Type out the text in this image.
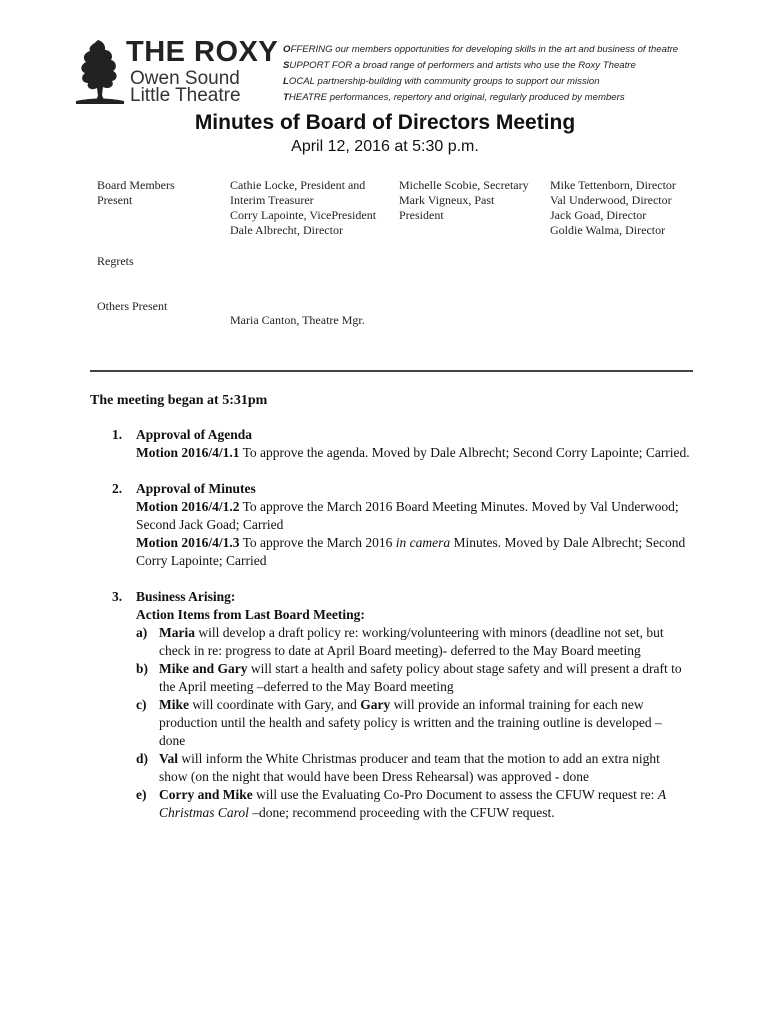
THE ROXY
Owen Sound
Little Theatre
OFFERING our members opportunities for developing skills in the art and business of theatre
SUPPORT FOR a broad range of performers and artists who use the Roxy Theatre
LOCAL partnership-building with community groups to support our mission
THEATRE performances, repertory and original, regularly produced by members
Minutes of Board of Directors Meeting
April 12, 2016 at 5:30 p.m.
Board Members
Present
Cathie Locke, President and
Interim Treasurer
Corry Lapointe, VicePresident
Dale Albrecht, Director
Michelle Scobie, Secretary
Mark Vigneux, Past
President
Mike Tettenborn, Director
Val Underwood, Director
Jack Goad, Director
Goldie Walma, Director
Regrets
Others Present
Maria Canton, Theatre Mgr.
The meeting began at 5:31pm
1. Approval of Agenda
Motion 2016/4/1.1 To approve the agenda. Moved by Dale Albrecht; Second Corry Lapointe; Carried.
2. Approval of Minutes
Motion 2016/4/1.2 To approve the March 2016 Board Meeting Minutes. Moved by Val Underwood; Second Jack Goad; Carried
Motion 2016/4/1.3 To approve the March 2016 in camera Minutes. Moved by Dale Albrecht; Second Corry Lapointe; Carried
3. Business Arising:
Action Items from Last Board Meeting:
a) Maria will develop a draft policy re: working/volunteering with minors (deadline not set, but check in re: progress to date at April Board meeting)- deferred to the May Board meeting
b) Mike and Gary will start a health and safety policy about stage safety and will present a draft to the April meeting –deferred to the May Board meeting
c) Mike will coordinate with Gary, and Gary will provide an informal training for each new production until the health and safety policy is written and the training outline is developed – done
d) Val will inform the White Christmas producer and team that the motion to add an extra night show (on the night that would have been Dress Rehearsal) was approved - done
e) Corry and Mike will use the Evaluating Co-Pro Document to assess the CFUW request re: A Christmas Carol –done; recommend proceeding with the CFUW request.
